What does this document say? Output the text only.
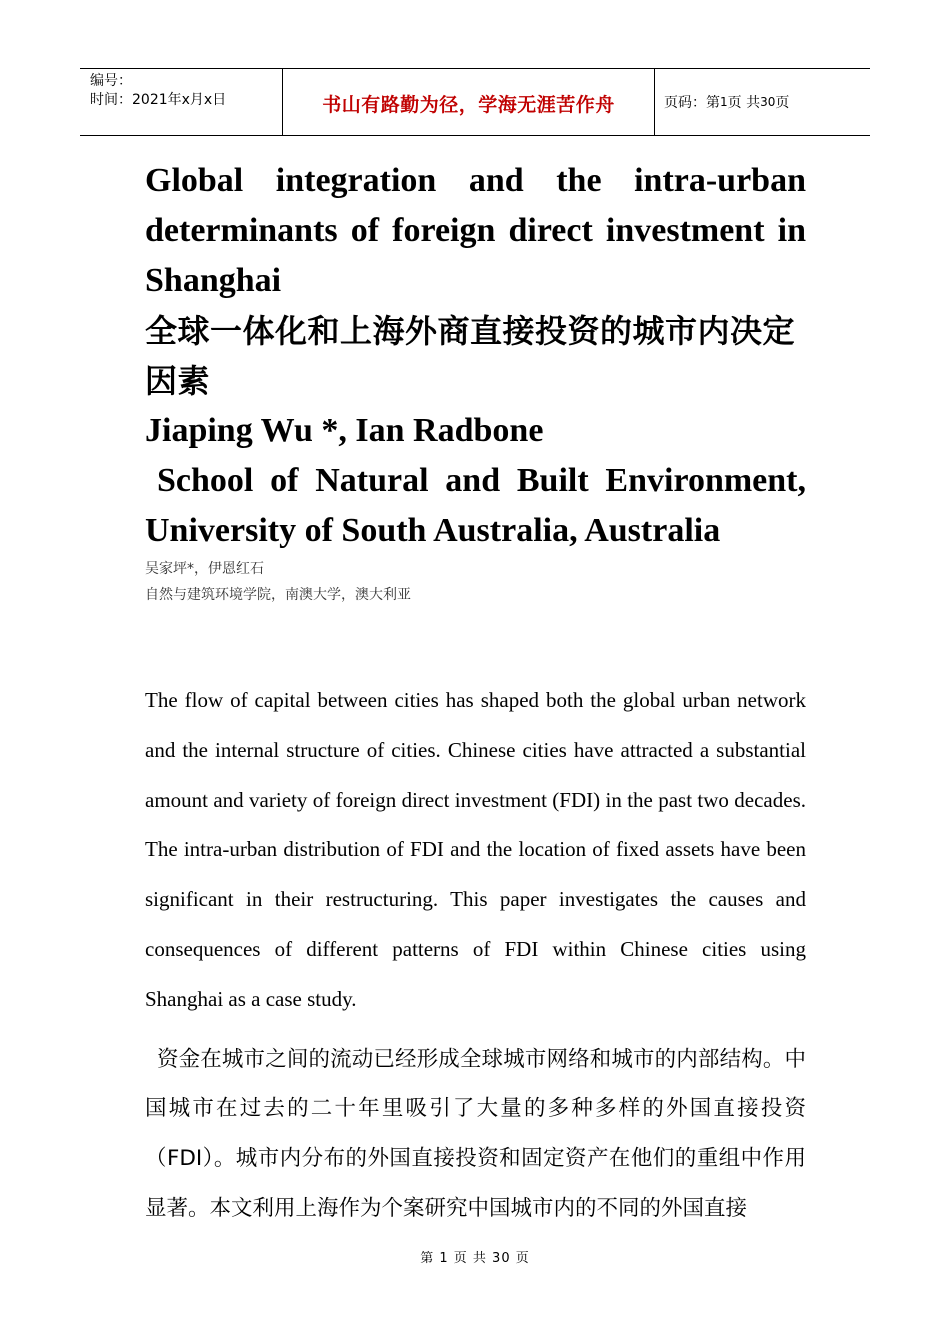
编号：
时间：2021年x月x日	书山有路勤为径，学海无涯苦作舟	页码：第 1 页 共 30 页
Global integration and the intra-urban determinants of foreign direct investment in Shanghai
全球一体化和上海外商直接投资的城市内决定因素

Jiaping Wu *, Ian Radbone

School of Natural and Built Environment, University of South Australia, Australia

吴家坪*，伊恩红石

自然与建筑环境学院，南澳大学，澳大利亚

The flow of capital between cities has shaped both the global urban network and the internal structure of cities. Chinese cities have attracted a substantial amount and variety of foreign direct investment (FDI) in the past two decades. The intra-urban distribution of FDI and the location of fixed assets have been significant in their restructuring. This paper investigates the causes and consequences of different patterns of FDI within Chinese cities using Shanghai as a case study.

资金在城市之间的流动已经形成全球城市网络和城市的内部结构。中国城市在过去的二十年里吸引了大量的多种多样的外国直接投资（FDI）。城市内分布的外国直接投资和固定资产在他们的重组中作用显著。本文利用上海作为个案研究中国城市内的不同的外国直接

第 1 页 共 30 页
